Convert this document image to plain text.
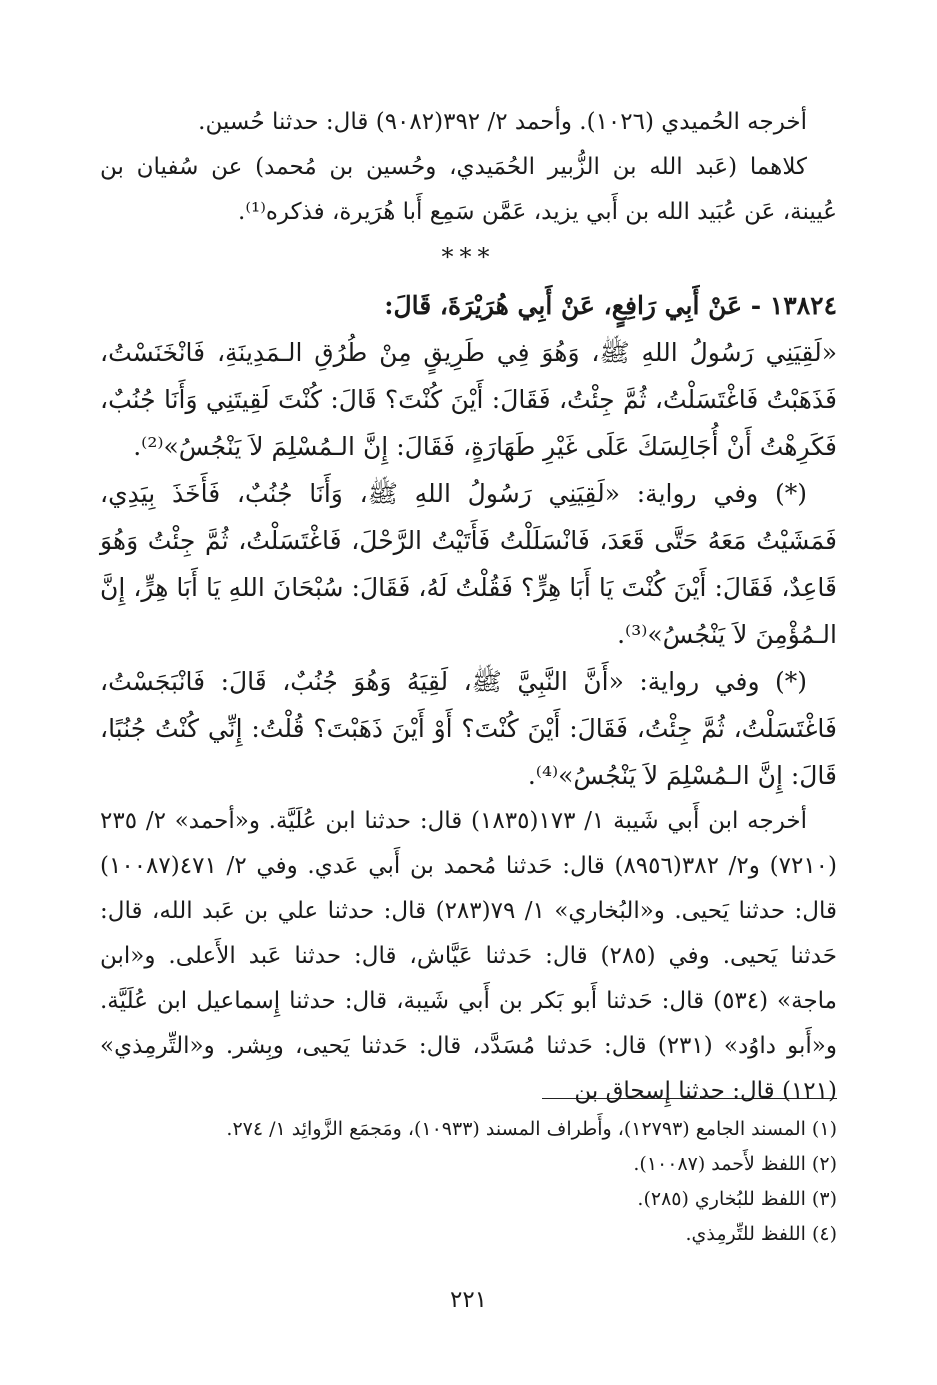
أخرجه الحُميدي (١٠٢٦). وأحمد ٢/ ٣٩٢(٩٠٨٢) قال: حدثنا حُسين.

كلاهما (عَبد الله بن الزُّبير الحُمَيدي، وحُسين بن مُحمد) عن سُفيان بن عُيينة، عَن عُبَيد الله بن أَبي يزيد، عَمَّن سَمِع أَبا هُرَيرة، فذكره⁽¹⁾.

***

١٣٨٢٤ - عَنْ أَبِي رَافِعٍ، عَنْ أَبِي هُرَيْرَةَ، قَالَ:

«لَقِيَنِي رَسُولُ اللهِ ﷺ، وَهُوَ فِي طَرِيقٍ مِنْ طُرُقِ الـمَدِينَةِ، فَانْخَنَسْتُ، فَذَهَبْتُ فَاغْتَسَلْتُ، ثُمَّ جِئْتُ، فَقَالَ: أَيْنَ كُنْتَ؟ قَالَ: كُنْتَ لَقِيتَنِي وَأَنَا جُنُبٌ، فَكَرِهْتُ أَنْ أُجَالِسَكَ عَلَى غَيْرِ طَهَارَةٍ، فَقَالَ: إِنَّ الـمُسْلِمَ لاَ يَنْجُسُ»⁽²⁾.

(*) وفي رواية: «لَقِيَنِي رَسُولُ اللهِ ﷺ، وَأَنَا جُنُبٌ، فَأَخَذَ بِيَدِي، فَمَشَيْتُ مَعَهُ حَتَّى قَعَدَ، فَانْسَلَلْتُ فَأَتَيْتُ الرَّحْلَ، فَاغْتَسَلْتُ، ثُمَّ جِئْتُ وَهُوَ قَاعِدٌ، فَقَالَ: أَيْنَ كُنْتَ يَا أَبَا هِرٍّ؟ فَقُلْتُ لَهُ، فَقَالَ: سُبْحَانَ اللهِ يَا أَبَا هِرٍّ، إِنَّ الـمُؤْمِنَ لاَ يَنْجُسُ»⁽³⁾.

(*) وفي رواية: «أَنَّ النَّبِيَّ ﷺ، لَقِيَهُ وَهُوَ جُنُبٌ، قَالَ: فَانْبَجَسْتُ، فَاغْتَسَلْتُ، ثُمَّ جِئْتُ، فَقَالَ: أَيْنَ كُنْتَ؟ أَوْ أَيْنَ ذَهَبْتَ؟ قُلْتُ: إِنِّي كُنْتُ جُنُبًا، قَالَ: إِنَّ الـمُسْلِمَ لاَ يَنْجُسُ»⁽⁴⁾.

أخرجه ابن أَبي شَيبة ١/ ١٧٣(١٨٣٥) قال: حدثنا ابن عُلَيَّة. و«أحمد» ٢/ ٢٣٥ (٧٢١٠) و٢/ ٣٨٢(٨٩٥٦) قال: حَدثنا مُحمد بن أَبي عَدي. وفي ٢/ ٤٧١(١٠٠٨٧) قال: حدثنا يَحيى. و«البُخاري» ١/ ٧٩(٢٨٣) قال: حدثنا علي بن عَبد الله، قال: حَدثنا يَحيى. وفي (٢٨٥) قال: حَدثنا عَيَّاش، قال: حدثنا عَبد الأَعلى. و«ابن ماجة» (٥٣٤) قال: حَدثنا أَبو بَكر بن أَبي شَيبة، قال: حدثنا إِسماعيل ابن عُلَيَّة. و«أَبو داوُد» (٢٣١) قال: حَدثنا مُسَدَّد، قال: حَدثنا يَحيى، وبِشر. و«التِّرمِذي» (١٢١) قال: حدثنا إِسحاق بن

(١) المسند الجامع (١٢٧٩٣)، وأَطراف المسند (١٠٩٣٣)، ومَجمَع الزَّوائِد ١/ ٢٧٤.

(٢) اللفظ لأَحمد (١٠٠٨٧).

(٣) اللفظ للبُخاري (٢٨٥).

(٤) اللفظ للتِّرمِذي.

٢٢١
